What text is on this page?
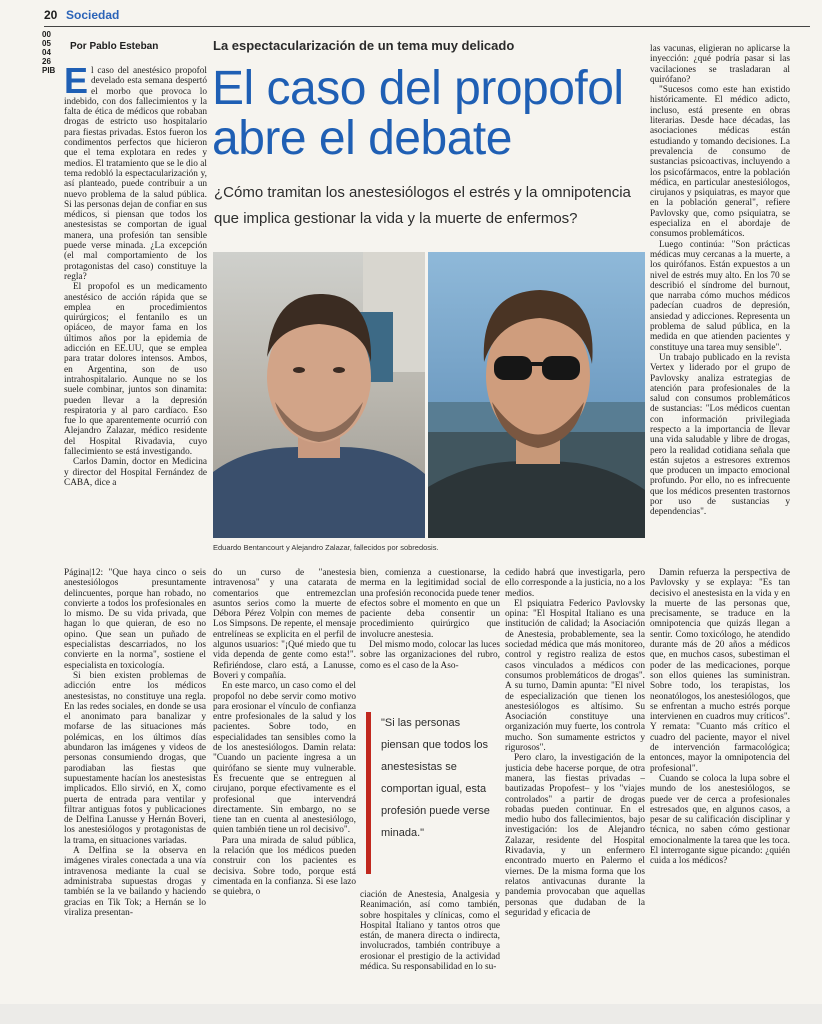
20 Sociedad
00
05
04
26
PIB
Por Pablo Esteban	La espectacularización de un tema muy delicado
El caso del propofol abre el debate
¿Cómo tramitan los anestesiólogos el estrés y la omnipotencia que implica gestionar la vida y la muerte de enfermos?

El caso del anestésico propofol develado esta semana despertó el morbo que provoca lo indebido, con dos fallecimientos y la falta de ética de médicos que robaban drogas de estricto uso hospitalario para fiestas privadas. Estos fueron los condimentos perfectos que hicieron que el tema explotara en redes y medios. El tratamiento que se le dio al tema redobló la espectacularización y, así planteado, puede contribuir a un nuevo problema de la salud pública. Si las personas dejan de confiar en sus médicos, si piensan que todos los anestesistas se comportan de igual manera, una profesión tan sensible puede verse minada. ¿La excepción (el mal comportamiento de los protagonistas del caso) constituye la regla?

El propofol es un medicamento anestésico de acción rápida que se emplea en procedimientos quirúrgicos; el fentanilo es un opiáceo, de mayor fama en los últimos años por la epidemia de adicción en EE.UU, que se emplea para tratar dolores intensos. Ambos, en Argentina, son de uso intrahospitalario. Aunque no se los suele combinar, juntos son dinamita: pueden llevar a la depresión respiratoria y al paro cardíaco. Eso fue lo que aparentemente ocurrió con Alejandro Zalazar, médico residente del Hospital Rivadavia, cuyo fallecimiento se está investigando.

Carlos Damin, doctor en Medicina y director del Hospital Fernández de CABA, dice a

las vacunas, eligieran no aplicarse la inyección: ¿qué podría pasar si las vacilaciones se trasladaran al quirófano?

"Sucesos como este han existido históricamente. El médico adicto, incluso, está presente en obras literarias. Desde hace décadas, las asociaciones médicas están estudiando y tomando decisiones. La prevalencia de consumo de sustancias psicoactivas, incluyendo a los psicofármacos, entre la población médica, en particular anestesiólogos, cirujanos y psiquiatras, es mayor que en la población general", refiere Pavlovsky que, como psiquiatra, se especializa en el abordaje de consumos problemáticos.

Luego continúa: "Son prácticas médicas muy cercanas a la muerte, a los quirófanos. Están expuestos a un nivel de estrés muy alto. En los 70 se describió el síndrome del burnout, que narraba cómo muchos médicos padecían cuadros de depresión, ansiedad y adicciones. Representa un problema de salud pública, en la medida en que atienden pacientes y constituye una tarea muy sensible".

Un trabajo publicado en la revista Vertex y liderado por el grupo de Pavlovsky analiza estrategias de atención para profesionales de la salud con consumos problemáticos de sustancias: "Los médicos cuentan con información privilegiada respecto a la importancia de llevar una vida saludable y libre de drogas, pero la realidad cotidiana señala que están sujetos a estresores extremos que producen un impacto emocional profundo. Por ello, no es infrecuente que los médicos presenten trastornos por uso de sustancias y dependencias".

Eduardo Bentancourt y Alejandro Zalazar, fallecidos por sobredosis.

Página|12: "Que haya cinco o seis anestesiólogos presuntamente delincuentes, porque han robado, no convierte a todos los profesionales en lo mismo. De su vida privada, que hagan lo que quieran, de eso no opino. Que sean un puñado de especialistas descarriados, no los convierte en la norma", sostiene el especialista en toxicología.

Si bien existen problemas de adicción entre los médicos anestesistas, no constituye una regla. En las redes sociales, en donde se usa el anonimato para banalizar y mofarse de las situaciones más polémicas, en los últimos días abundaron las imágenes y videos de personas consumiendo drogas, que parodiaban las fiestas que supuestamente hacían los anestesistas implicados. Ello sirvió, en X, como puerta de entrada para ventilar y filtrar antiguas fotos y publicaciones de Delfina Lanusse y Hernán Boveri, los anestesiólogos y protagonistas de la trama, en situaciones variadas.

A Delfina se la observa en imágenes virales conectada a una vía intravenosa mediante la cual se administraba supuestas drogas y también se la ve bailando y haciendo gracias en Tik Tok; a Hernán se lo viraliza presentan-

do un curso de "anestesia intravenosa" y una catarata de comentarios que entremezclan asuntos serios como la muerte de Débora Pérez Volpin con memes de Los Simpsons. De repente, el mensaje entrelíneas se explicita en el perfil de algunos usuarios: "¡Qué miedo que tu vida dependa de gente como esta!". Refiriéndose, claro está, a Lanusse, Boveri y compañía.

En este marco, un caso como el del propofol no debe servir como motivo para erosionar el vínculo de confianza entre profesionales de la salud y los pacientes. Sobre todo, en especialidades tan sensibles como la de los anestesiólogos. Damin relata: "Cuando un paciente ingresa a un quirófano se siente muy vulnerable. Es frecuente que se entreguen al cirujano, porque efectivamente es el profesional que intervendrá directamente. Sin embargo, no se tiene tan en cuenta al anestesiólogo, quien también tiene un rol decisivo".

Para una mirada de salud pública, la relación que los médicos pueden construir con los pacientes es decisiva. Sobre todo, porque está cimentada en la confianza. Si ese lazo se quiebra, o

bien, comienza a cuestionarse, la merma en la legitimidad social de una profesión reconocida puede tener efectos sobre el momento en que un paciente deba consentir un procedimiento quirúrgico que involucre anestesia.

Del mismo modo, colocar las luces sobre las organizaciones del rubro, como es el caso de la Aso-

"Si las personas piensan que todos los anestesistas se comportan igual, esta profesión puede verse minada."

ciación de Anestesia, Analgesia y Reanimación, así como también, sobre hospitales y clínicas, como el Hospital Italiano y tantos otros que están, de manera directa o indirecta, involucrados, también contribuye a erosionar el prestigio de la actividad médica. Su responsabilidad en lo su-

cedido habrá que investigarla, pero ello corresponde a la justicia, no a los medios.

El psiquiatra Federico Pavlovsky opina: "El Hospital Italiano es una institución de calidad; la Asociación de Anestesia, probablemente, sea la sociedad médica que más monitoreo, control y registro realiza de estos casos vinculados a médicos con consumos problemáticos de drogas". A su turno, Damin apunta: "El nivel de especialización que tienen los anestesiólogos es altísimo. Su Asociación constituye una organización muy fuerte, los controla mucho. Son sumamente estrictos y rigurosos".

Pero claro, la investigación de la justicia debe hacerse porque, de otra manera, las fiestas privadas –bautizadas Propofest– y los "viajes controlados" a partir de drogas robadas pueden continuar. En el medio hubo dos fallecimientos, bajo investigación: los de Alejandro Zalazar, residente del Hospital Rivadavia, y un enfermero encontrado muerto en Palermo el viernes. De la misma forma que los relatos antivacunas durante la pandemia provocaban que aquellas personas que dudaban de la seguridad y eficacia de

Damin refuerza la perspectiva de Pavlovsky y se explaya: "Es tan decisivo el anestesista en la vida y en la muerte de las personas que, precisamente, se traduce en la omnipotencia que quizás llegan a sentir. Como toxicólogo, he atendido durante más de 20 años a médicos que, en muchos casos, subestiman el poder de las medicaciones, porque son ellos quienes las suministran. Sobre todo, los terapistas, los neonatólogos, los anestesiólogos, que se enfrentan a mucho estrés porque intervienen en cuadros muy críticos". Y remata: "Cuanto más crítico el cuadro del paciente, mayor el nivel de intervención farmacológica; entonces, mayor la omnipotencia del profesional".

Cuando se coloca la lupa sobre el mundo de los anestesiólogos, se puede ver de cerca a profesionales estresados que, en algunos casos, a pesar de su calificación disciplinar y técnica, no saben cómo gestionar emocionalmente la tarea que les toca. El interrogante sigue picando: ¿quién cuida a los médicos?
